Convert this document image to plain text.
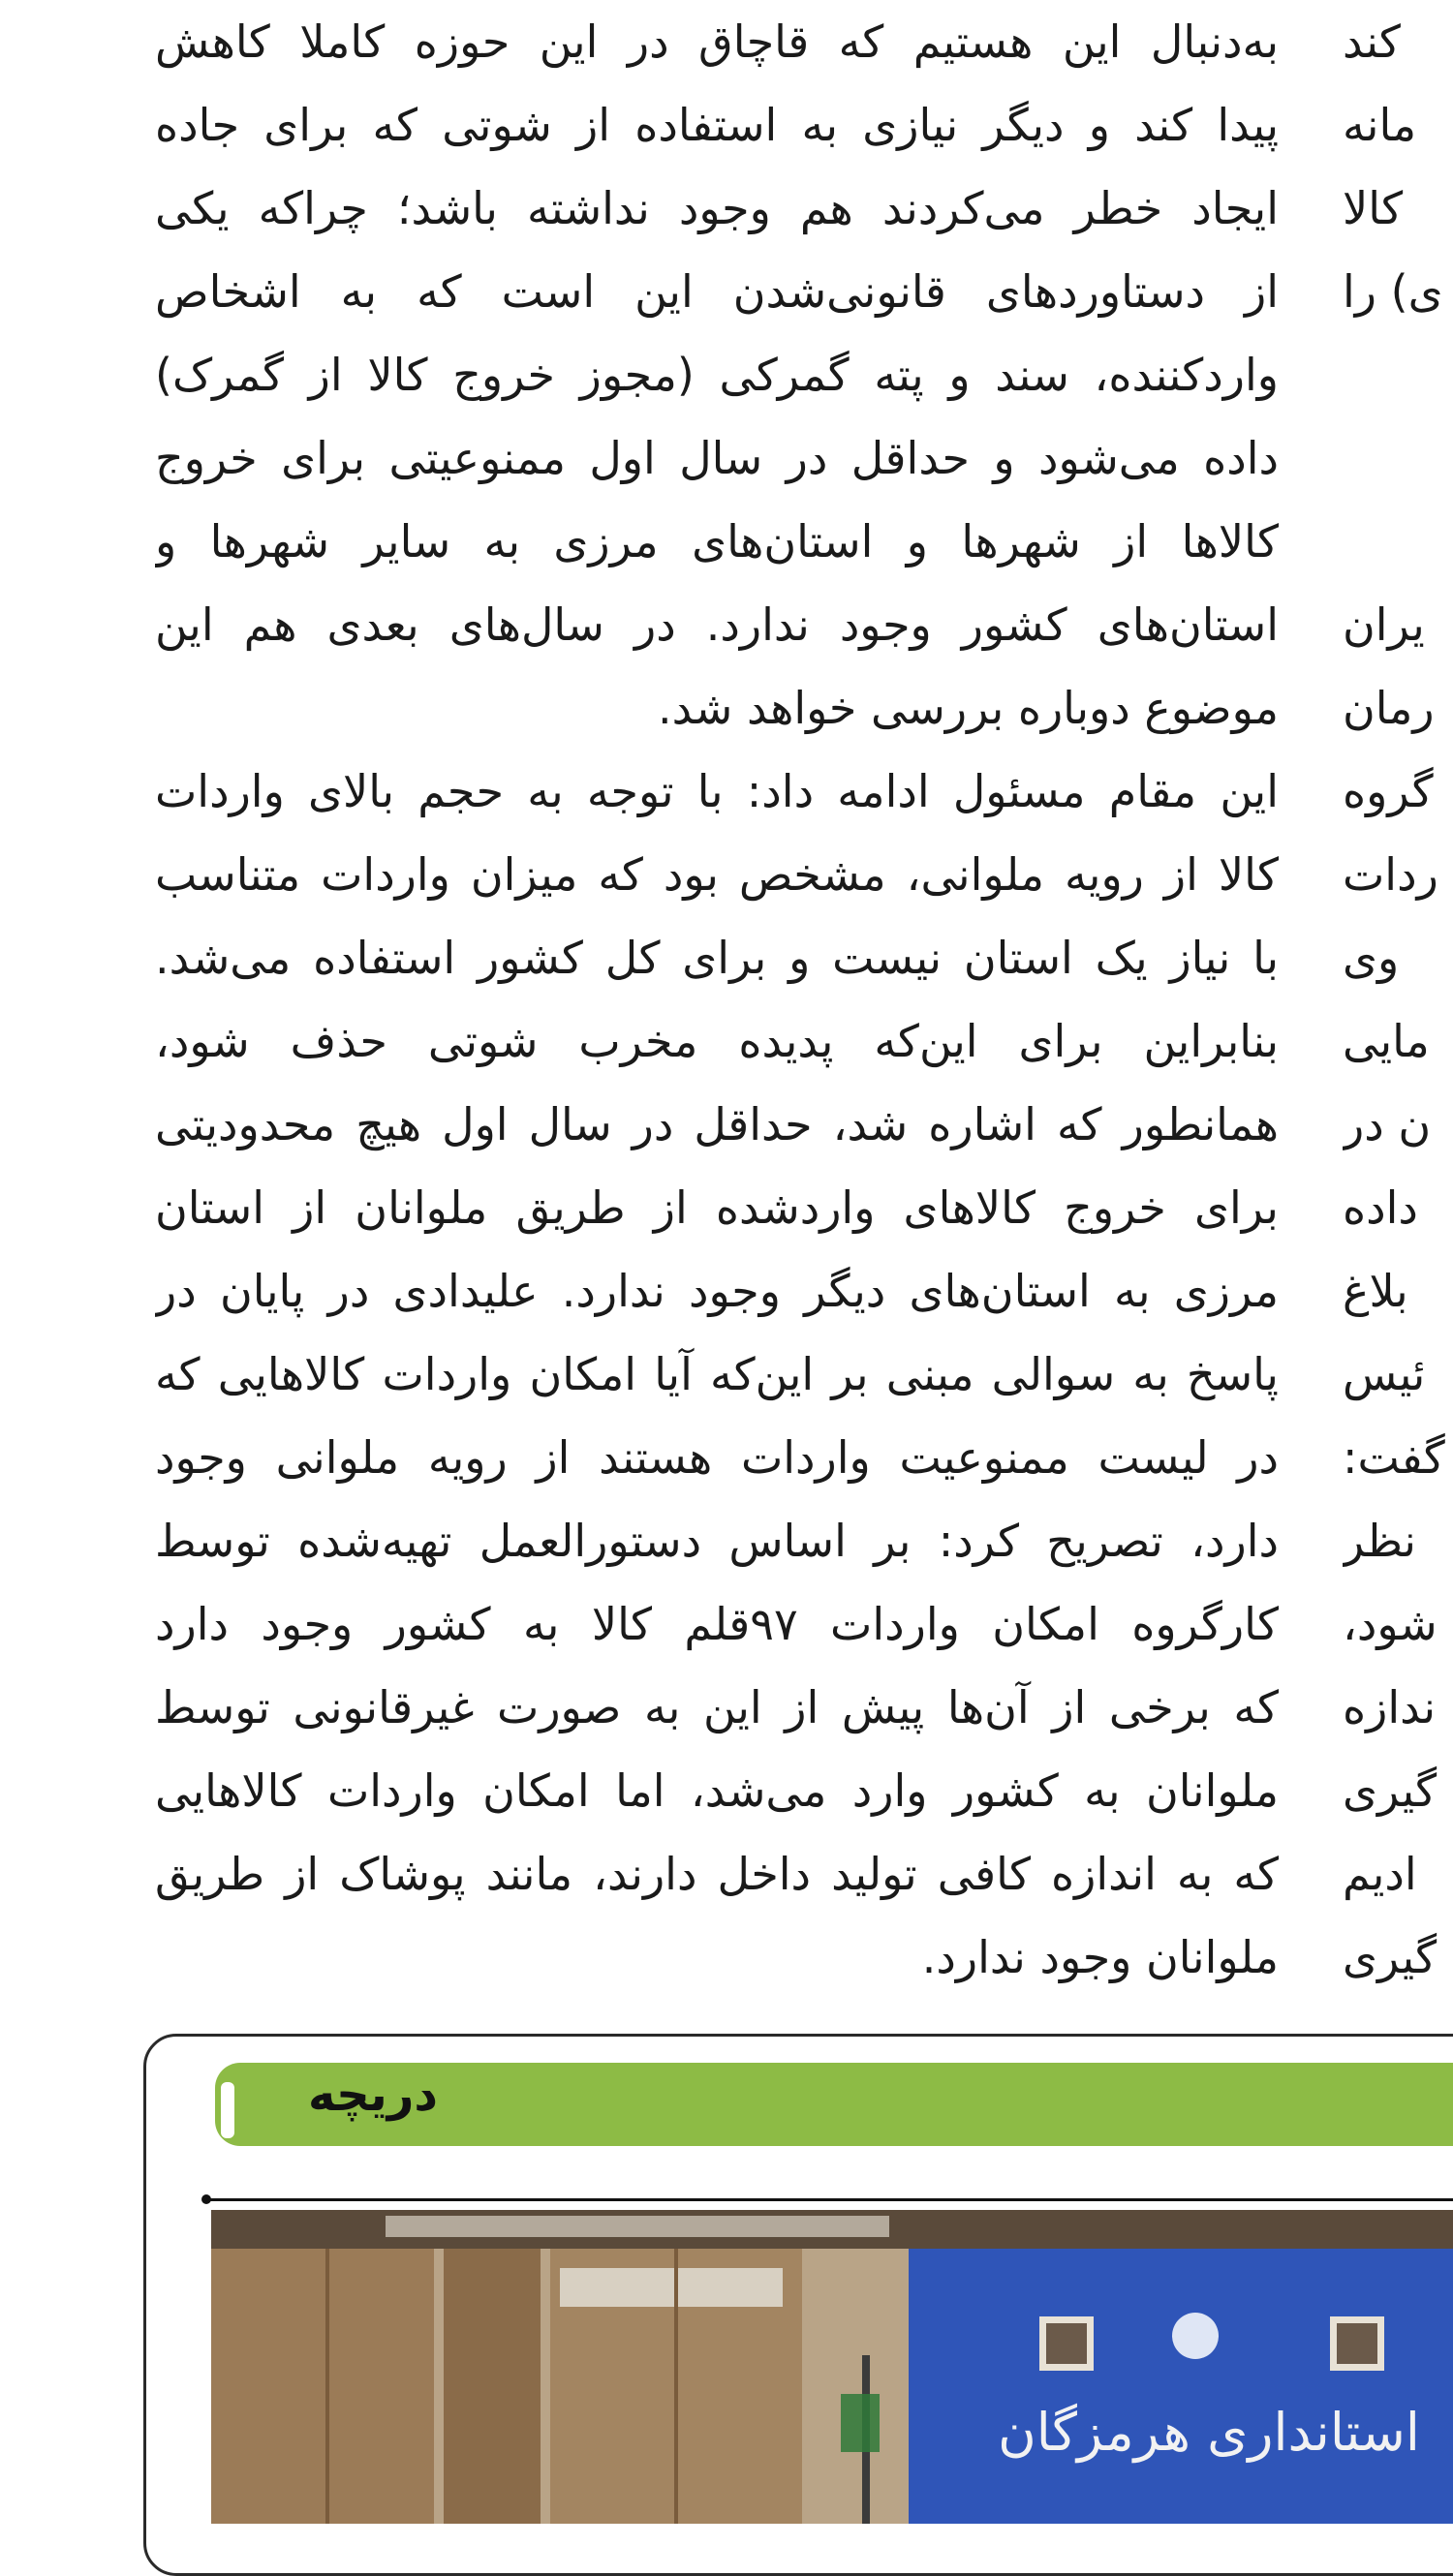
به‌دنبال این هستیم که قاچاق در این حوزه کاملا کاهش
پیدا کند و دیگر نیازی به استفاده از شوتی که برای جاده
ایجاد خطر می‌کردند هم وجود نداشته باشد؛ چراکه یکی
از دستاوردهای قانونی‌شدن این است که به اشخاص
واردکننده، سند و پته گمرکی (مجوز خروج کالا از گمرک)
داده می‌شود و حداقل در سال اول ممنوعیتی برای خروج
کالاها از شهرها و استان‌های مرزی به سایر شهرها و
استان‌های کشور وجود ندارد. در سال‌های بعدی هم این
موضوع دوباره بررسی خواهد شد.
این مقام مسئول ادامه داد: با توجه به حجم بالای واردات
کالا از رویه ملوانی، مشخص بود که میزان واردات متناسب
با نیاز یک استان نیست و برای کل کشور استفاده می‌شد.
بنابراین برای این‌که پدیده مخرب شوتی حذف شود،
همانطور که اشاره شد، حداقل در سال اول هیچ محدودیتی
برای خروج کالاهای واردشده از طریق ملوانان از استان
مرزی به استان‌های دیگر وجود ندارد. علیدادی در پایان در
پاسخ به سوالی مبنی بر این‌که آیا امکان واردات کالاهایی که
در لیست ممنوعیت واردات هستند از رویه ملوانی وجود
دارد، تصریح کرد: بر اساس دستورالعمل تهیه‌شده توسط
کارگروه امکان واردات ۹۷قلم کالا به کشور وجود دارد
که برخی از آن‌ها پیش از این به صورت غیرقانونی توسط
ملوانان به کشور وارد می‌شد، اما امکان واردات کالاهایی
که به اندازه کافی تولید داخل دارند، مانند پوشاک از طریق
ملوانان وجود ندارد.
کند
مانه
کالا
ی) را
یران
رمان
گروه
ردات
وی
مایی
ن در
داده
بلاغ
ئیس
گفت:
نظر
شود،
ندازه
گیری
ادیم
گیری
دریچه
استانداری هرمزگان
